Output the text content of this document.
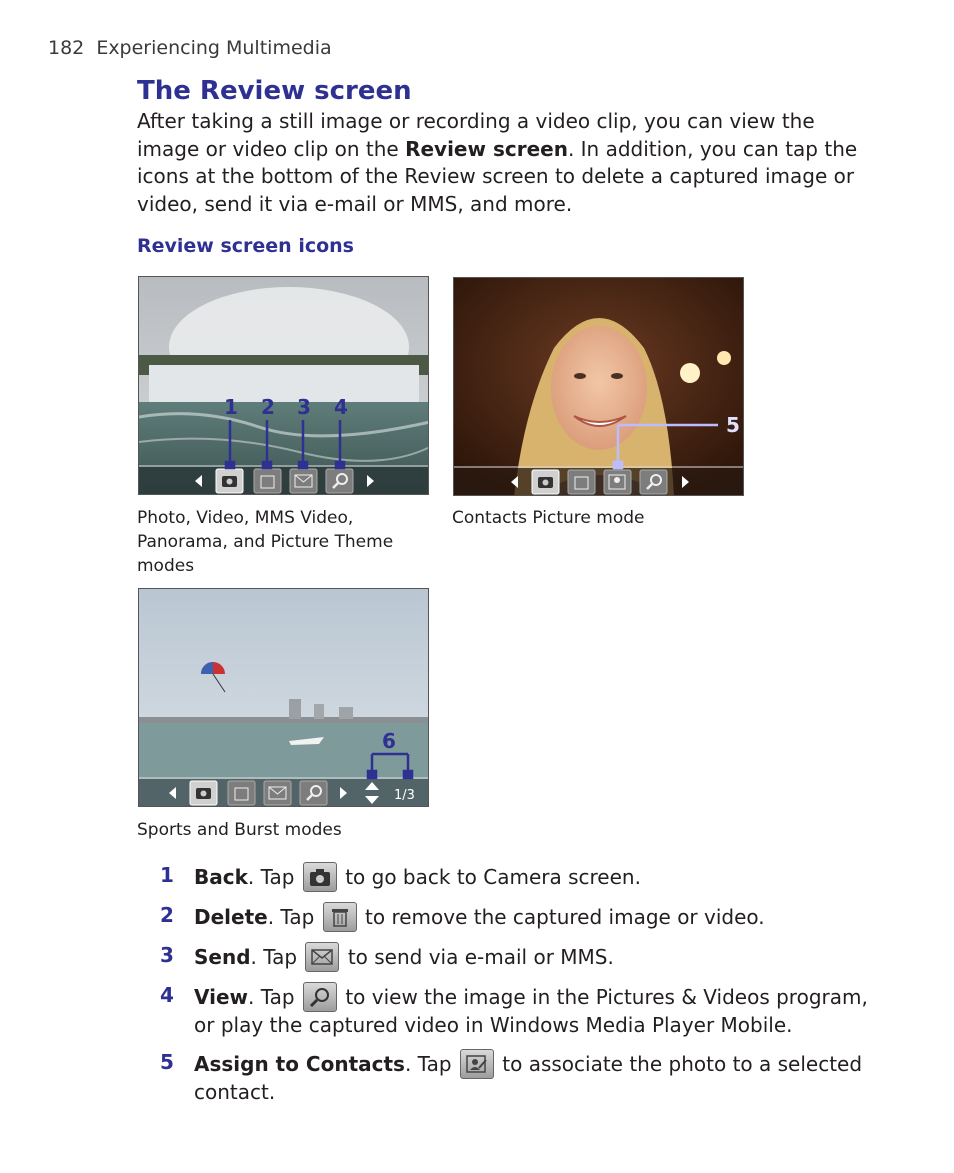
182 Experiencing Multimedia
The Review screen

After taking a still image or recording a video clip, you can view the image or video clip on the Review screen. In addition, you can tap the icons at the bottom of the Review screen to delete a captured image or video, send it via e-mail or MMS, and more.

Review screen icons
1 2 3 4
Photo, Video, MMS Video, Panorama, and Picture Theme modes
5
Contacts Picture mode
1/3
6
Sports and Burst modes
1 Back. Tap
to go back to Camera screen.
2 Delete. Tap
to remove the captured image or video.
3 Send. Tap
to send via e-mail or MMS.
4 View. Tap
to view the image in the Pictures & Videos program, or play the captured video in Windows Media Player Mobile.
5 Assign to Contacts. Tap
to associate the photo to a selected contact.
